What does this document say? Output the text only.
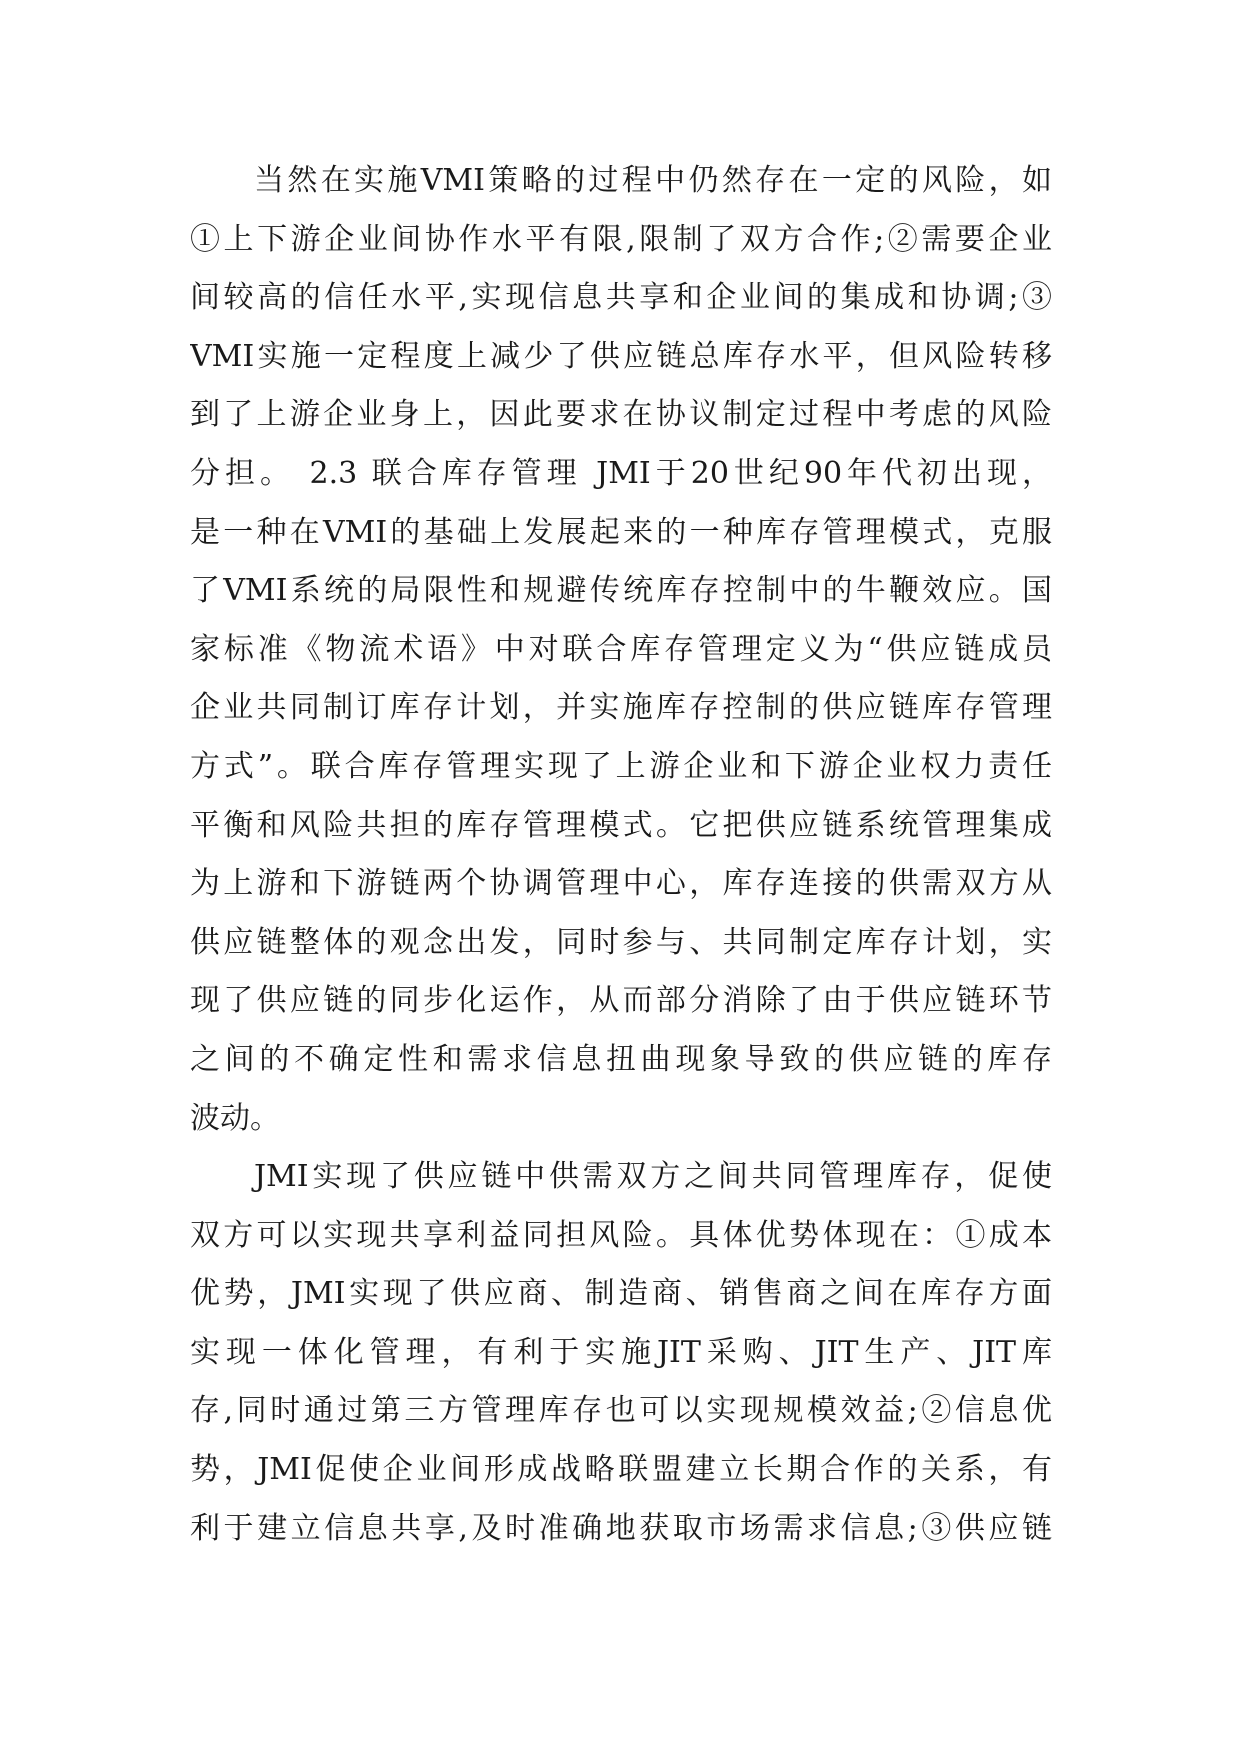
当然在实施VMI策略的过程中仍然存在一定的风险，如
①上下游企业间协作水平有限,限制了双方合作;②需要企业
间较高的信任水平,实现信息共享和企业间的集成和协调;③
VMI实施一定程度上减少了供应链总库存水平，但风险转移
到了上游企业身上，因此要求在协议制定过程中考虑的风险
分担。 2.3 联合库存管理 JMI于20世纪90年代初出现，
是一种在VMI的基础上发展起来的一种库存管理模式，克服
了VMI系统的局限性和规避传统库存控制中的牛鞭效应。国
家标准《物流术语》中对联合库存管理定义为“供应链成员
企业共同制订库存计划，并实施库存控制的供应链库存管理
方式”。联合库存管理实现了上游企业和下游企业权力责任
平衡和风险共担的库存管理模式。它把供应链系统管理集成
为上游和下游链两个协调管理中心，库存连接的供需双方从
供应链整体的观念出发，同时参与、共同制定库存计划，实
现了供应链的同步化运作，从而部分消除了由于供应链环节
之间的不确定性和需求信息扭曲现象导致的供应链的库存
波动。
JMI实现了供应链中供需双方之间共同管理库存，促使
双方可以实现共享利益同担风险。具体优势体现在：①成本
优势，JMI实现了供应商、制造商、销售商之间在库存方面
实现一体化管理，有利于实施JIT采购、JIT生产、JIT库
存,同时通过第三方管理库存也可以实现规模效益;②信息优
势，JMI促使企业间形成战略联盟建立长期合作的关系，有
利于建立信息共享,及时准确地获取市场需求信息;③供应链
